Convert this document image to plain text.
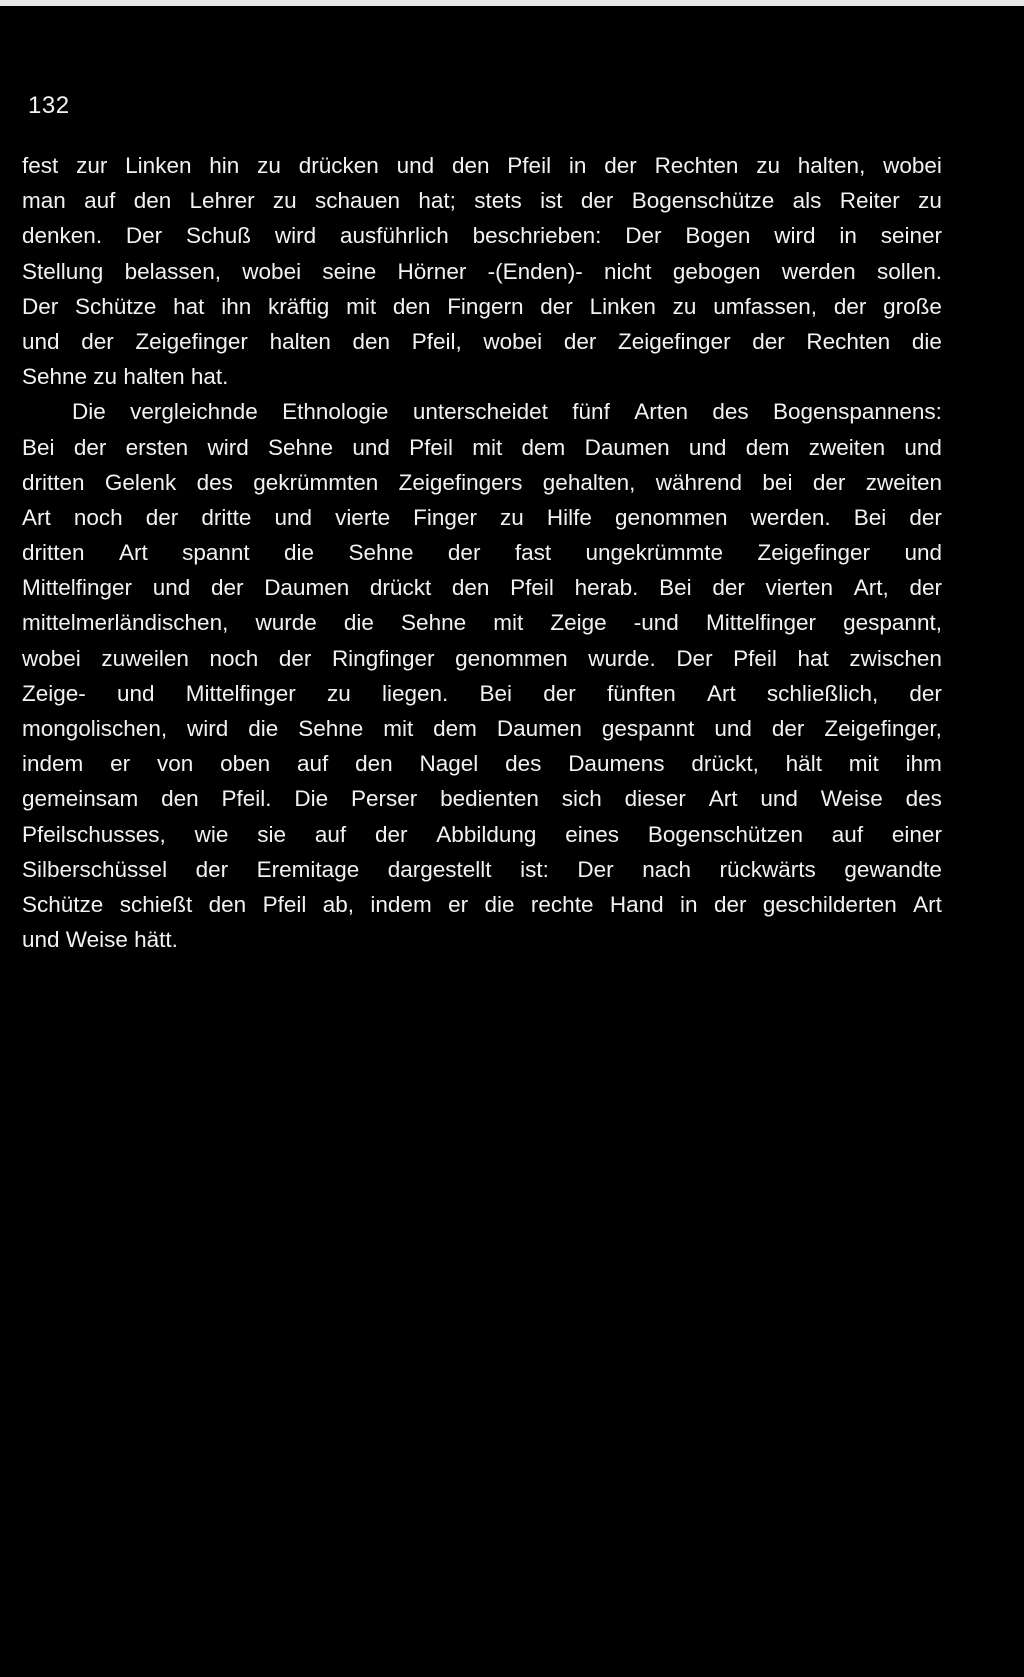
132
fest zur Linken hin zu drücken und den Pfeil in der Rechten zu halten, wobei
man auf den Lehrer zu schauen hat; stets ist der Bogenschütze als Reiter zu
denken. Der Schuß wird ausführlich beschrieben: Der Bogen wird in seiner
Stellung belassen, wobei seine Hörner -(Enden)- nicht gebogen werden sollen.
Der Schütze hat ihn kräftig mit den Fingern der Linken zu umfassen, der große
und der Zeigefinger halten den Pfeil, wobei der Zeigefinger der Rechten die
Sehne zu halten hat.
Die vergleichnde Ethnologie unterscheidet fünf Arten des Bogenspannens:
Bei der ersten wird Sehne und Pfeil mit dem Daumen und dem zweiten und
dritten Gelenk des gekrümmten Zeigefingers gehalten, während bei der zweiten
Art noch der dritte und vierte Finger zu Hilfe genommen werden. Bei der
dritten Art spannt die Sehne der fast ungekrümmte Zeigefinger und
Mittelfinger und der Daumen drückt den Pfeil herab. Bei der vierten Art, der
mittelmerländischen, wurde die Sehne mit Zeige -und Mittelfinger gespannt,
wobei zuweilen noch der Ringfinger genommen wurde. Der Pfeil hat zwischen
Zeige- und Mittelfinger zu liegen. Bei der fünften Art schließlich, der
mongolischen, wird die Sehne mit dem Daumen gespannt und der Zeigefinger,
indem er von oben auf den Nagel des Daumens drückt, hält mit ihm
gemeinsam den Pfeil. Die Perser bedienten sich dieser Art und Weise des
Pfeilschusses, wie sie auf der Abbildung eines Bogenschützen auf einer
Silberschüssel der Eremitage dargestellt ist: Der nach rückwärts gewandte
Schütze schießt den Pfeil ab, indem er die rechte Hand in der geschilderten Art
und Weise hätt.
